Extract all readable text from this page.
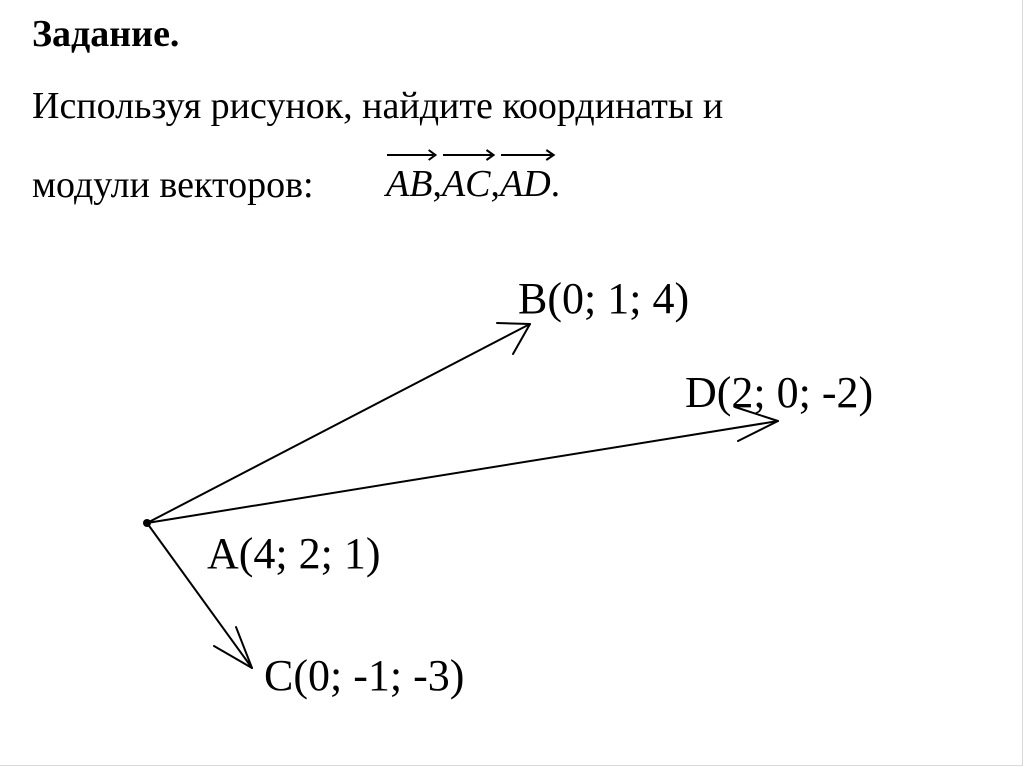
Задание.
Используя рисунок, найдите координаты и
модули векторов: AB,
AC,
AD.
B(0; 1; 4)
D(2; 0; -2)
A(4; 2; 1)
C(0; -1; -3)
